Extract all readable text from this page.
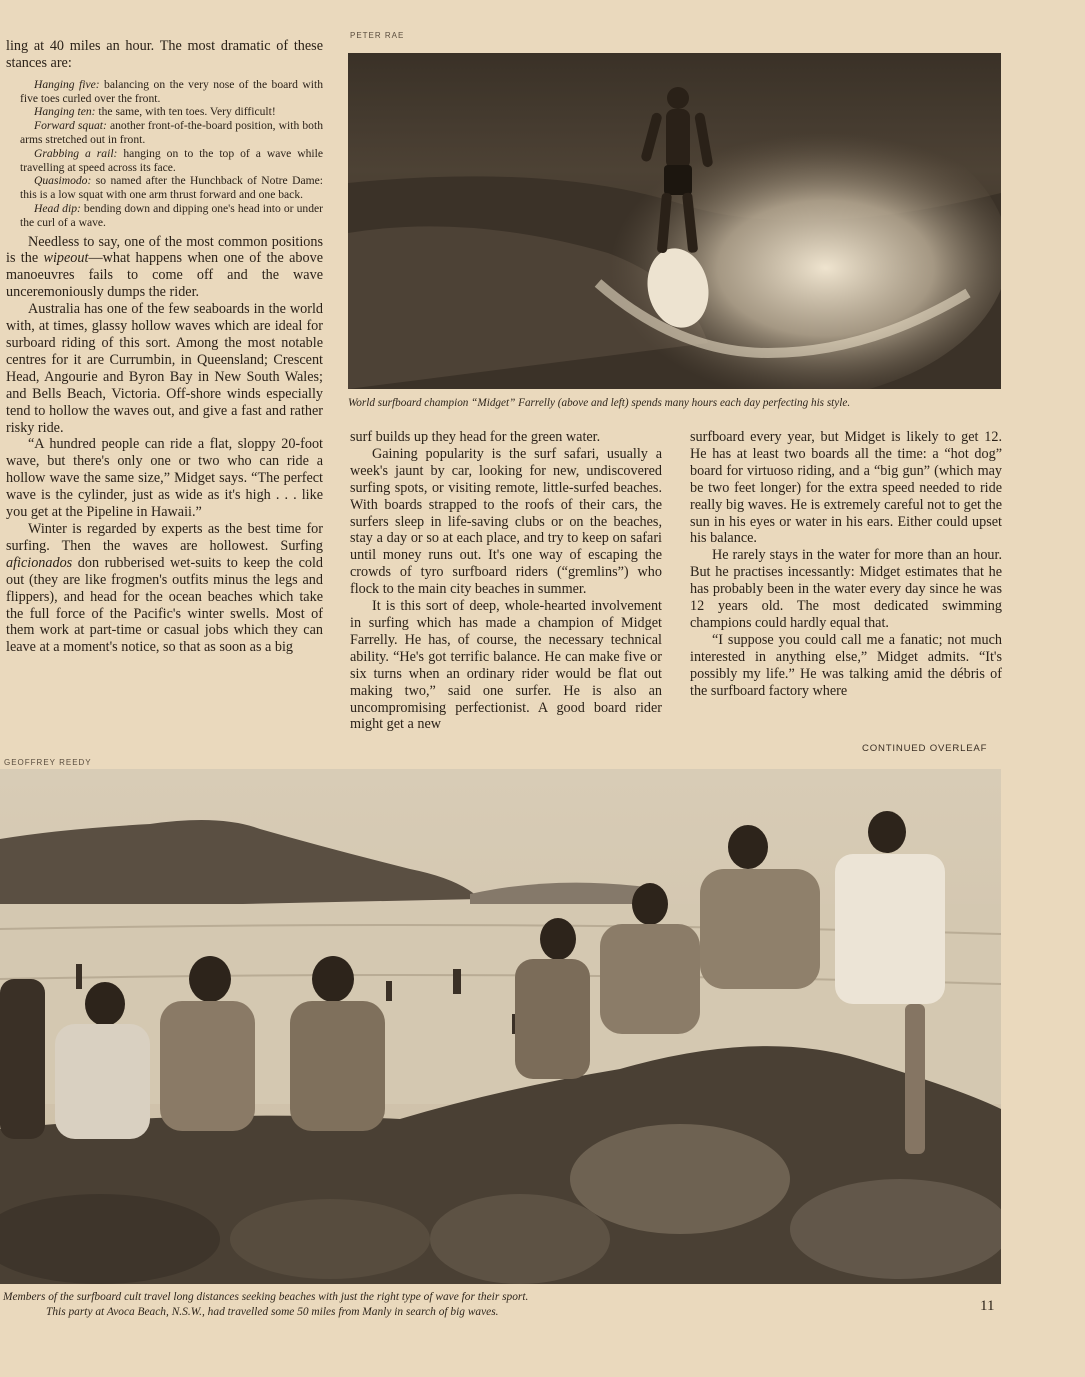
PETER RAE

ling at 40 miles an hour. The most dramatic of these stances are:

Hanging five: balancing on the very nose of the board with five toes curled over the front.

Hanging ten: the same, with ten toes. Very difficult!

Forward squat: another front-of-the-board position, with both arms stretched out in front.

Grabbing a rail: hanging on to the top of a wave while travelling at speed across its face.

Quasimodo: so named after the Hunchback of Notre Dame: this is a low squat with one arm thrust forward and one back.

Head dip: bending down and dipping one's head into or under the curl of a wave.

Needless to say, one of the most common positions is the wipeout—what happens when one of the above manoeuvres fails to come off and the wave unceremoniously dumps the rider.

Australia has one of the few seaboards in the world with, at times, glassy hollow waves which are ideal for surboard riding of this sort. Among the most notable centres for it are Currumbin, in Queensland; Crescent Head, Angourie and Byron Bay in New South Wales; and Bells Beach, Victoria. Off-shore winds especially tend to hollow the waves out, and give a fast and rather risky ride.

“A hundred people can ride a flat, sloppy 20-foot wave, but there's only one or two who can ride a hollow wave the same size,” Midget says. “The perfect wave is the cylinder, just as wide as it's high . . . like you get at the Pipeline in Hawaii.”

Winter is regarded by experts as the best time for surfing. Then the waves are hollowest. Surfing aficionados don rubberised wet-suits to keep the cold out (they are like frogmen's outfits minus the legs and flippers), and head for the ocean beaches which take the full force of the Pacific's winter swells. Most of them work at part-time or casual jobs which they can leave at a moment's notice, so that as soon as a big

World surfboard champion “Midget” Farrelly (above and left) spends many hours each day perfecting his style.

surf builds up they head for the green water.

Gaining popularity is the surf safari, usually a week's jaunt by car, looking for new, undiscovered surfing spots, or visiting remote, little-surfed beaches. With boards strapped to the roofs of their cars, the surfers sleep in life-saving clubs or on the beaches, stay a day or so at each place, and try to keep on safari until money runs out. It's one way of escaping the crowds of tyro surfboard riders (“gremlins”) who flock to the main city beaches in summer.

It is this sort of deep, whole-hearted involvement in surfing which has made a champion of Midget Farrelly. He has, of course, the necessary technical ability. “He's got terrific balance. He can make five or six turns when an ordinary rider would be flat out making two,” said one surfer. He is also an uncompromising perfectionist. A good board rider might get a new

surfboard every year, but Midget is likely to get 12. He has at least two boards all the time: a “hot dog” board for virtuoso riding, and a “big gun” (which may be two feet longer) for the extra speed needed to ride really big waves. He is extremely careful not to get the sun in his eyes or water in his ears. Either could upset his balance.

He rarely stays in the water for more than an hour. But he practises incessantly: Midget estimates that he has probably been in the water every day since he was 12 years old. The most dedicated swimming champions could hardly equal that.

“I suppose you could call me a fanatic; not much interested in anything else,” Midget admits. “It's possibly my life.” He was talking amid the débris of the surfboard factory where

CONTINUED OVERLEAF
GEOFFREY REEDY
Members of the surfboard cult travel long distances seeking beaches with just the right type of wave for their sport.
This party at Avoca Beach, N.S.W., had travelled some 50 miles from Manly in search of big waves.	11
